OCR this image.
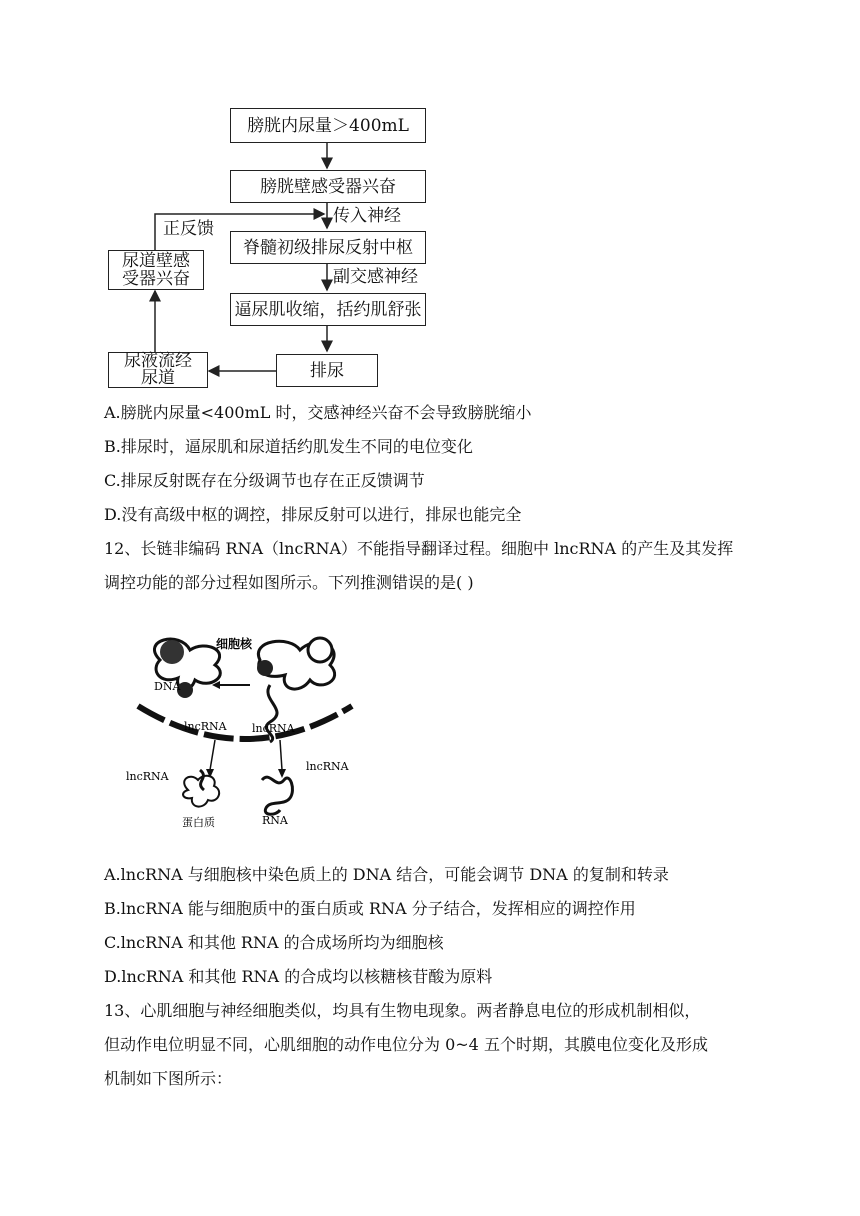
膀胱内尿量＞400mL
膀胱壁感受器兴奋
传入神经
脊髓初级排尿反射中枢
副交感神经
逼尿肌收缩，括约肌舒张
排尿
尿液流经
尿道
尿道壁感
受器兴奋
正反馈
A.膀胱内尿量<400mL 时，交感神经兴奋不会导致膀胱缩小
B.排尿时，逼尿肌和尿道括约肌发生不同的电位变化
C.排尿反射既存在分级调节也存在正反馈调节
D.没有高级中枢的调控，排尿反射可以进行，排尿也能完全
12、长链非编码 RNA（lncRNA）不能指导翻译过程。细胞中 lncRNA 的产生及其发挥
调控功能的部分过程如图所示。下列推测错误的是( )
细胞核
DNA
lncRNA lncRNA
lncRNA
lncRNA
蛋白质	RNA
A.lncRNA 与细胞核中染色质上的 DNA 结合，可能会调节 DNA 的复制和转录
B.lncRNA 能与细胞质中的蛋白质或 RNA 分子结合，发挥相应的调控作用
C.lncRNA 和其他 RNA 的合成场所均为细胞核
D.lncRNA 和其他 RNA 的合成均以核糖核苷酸为原料
13、心肌细胞与神经细胞类似，均具有生物电现象。两者静息电位的形成机制相似，
但动作电位明显不同，心肌细胞的动作电位分为 0~4 五个时期，其膜电位变化及形成
机制如下图所示：
